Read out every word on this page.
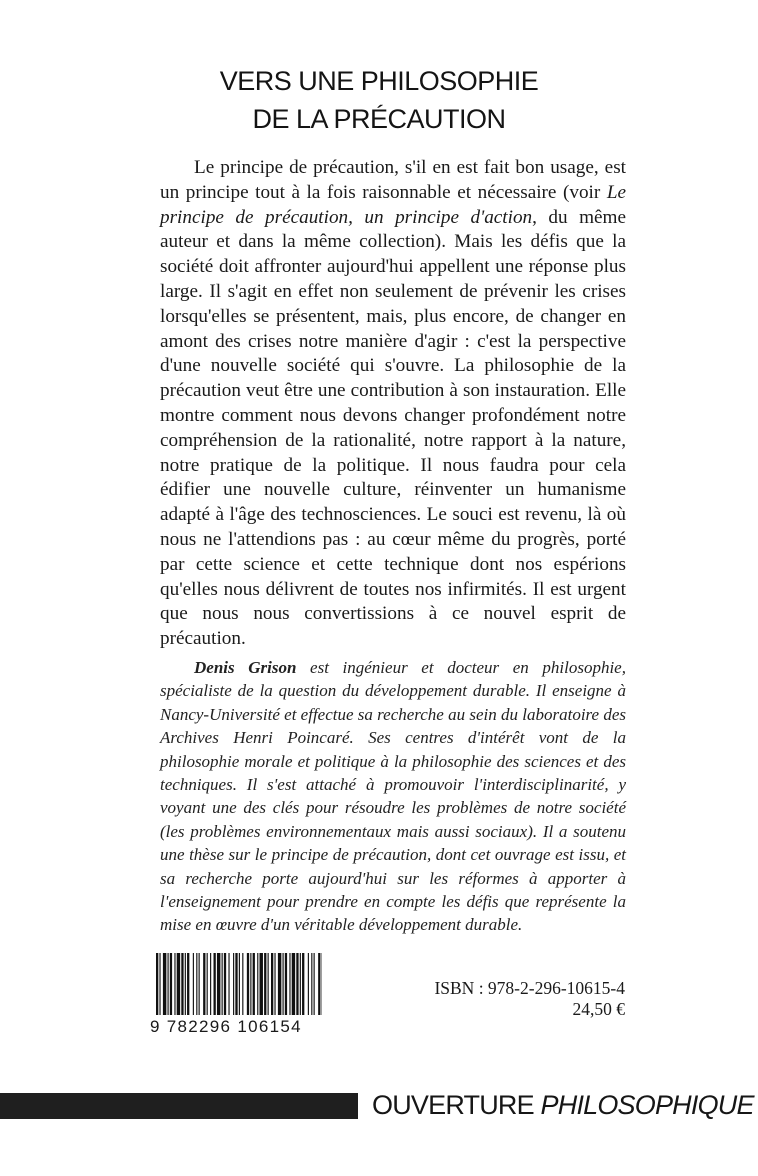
VERS UNE PHILOSOPHIE
DE LA PRÉCAUTION

Le principe de précaution, s'il en est fait bon usage, est un principe tout à la fois raisonnable et nécessaire (voir Le principe de précaution, un principe d'action, du même auteur et dans la même collection). Mais les défis que la société doit affronter aujourd'hui appellent une réponse plus large. Il s'agit en effet non seulement de prévenir les crises lorsqu'elles se présentent, mais, plus encore, de changer en amont des crises notre manière d'agir : c'est la perspective d'une nouvelle société qui s'ouvre. La philosophie de la précaution veut être une contribution à son instauration. Elle montre comment nous devons changer profondément notre compréhension de la rationalité, notre rapport à la nature, notre pratique de la politique. Il nous faudra pour cela édifier une nouvelle culture, réinventer un humanisme adapté à l'âge des technosciences. Le souci est revenu, là où nous ne l'attendions pas : au cœur même du progrès, porté par cette science et cette technique dont nos espérions qu'elles nous délivrent de toutes nos infirmités. Il est urgent que nous nous convertissions à ce nouvel esprit de précaution.

Denis Grison est ingénieur et docteur en philosophie, spécialiste de la question du développement durable. Il enseigne à Nancy-Université et effectue sa recherche au sein du laboratoire des Archives Henri Poincaré. Ses centres d'intérêt vont de la philosophie morale et politique à la philosophie des sciences et des techniques. Il s'est attaché à promouvoir l'interdisciplinarité, y voyant une des clés pour résoudre les problèmes de notre société (les problèmes environnementaux mais aussi sociaux). Il a soutenu une thèse sur le principe de précaution, dont cet ouvrage est issu, et sa recherche porte aujourd'hui sur les réformes à apporter à l'enseignement pour prendre en compte les défis que représente la mise en œuvre d'un véritable développement durable.

9 782296 106154
ISBN : 978-2-296-10615-4
24,50 €
OUVERTURE PHILOSOPHIQUE
